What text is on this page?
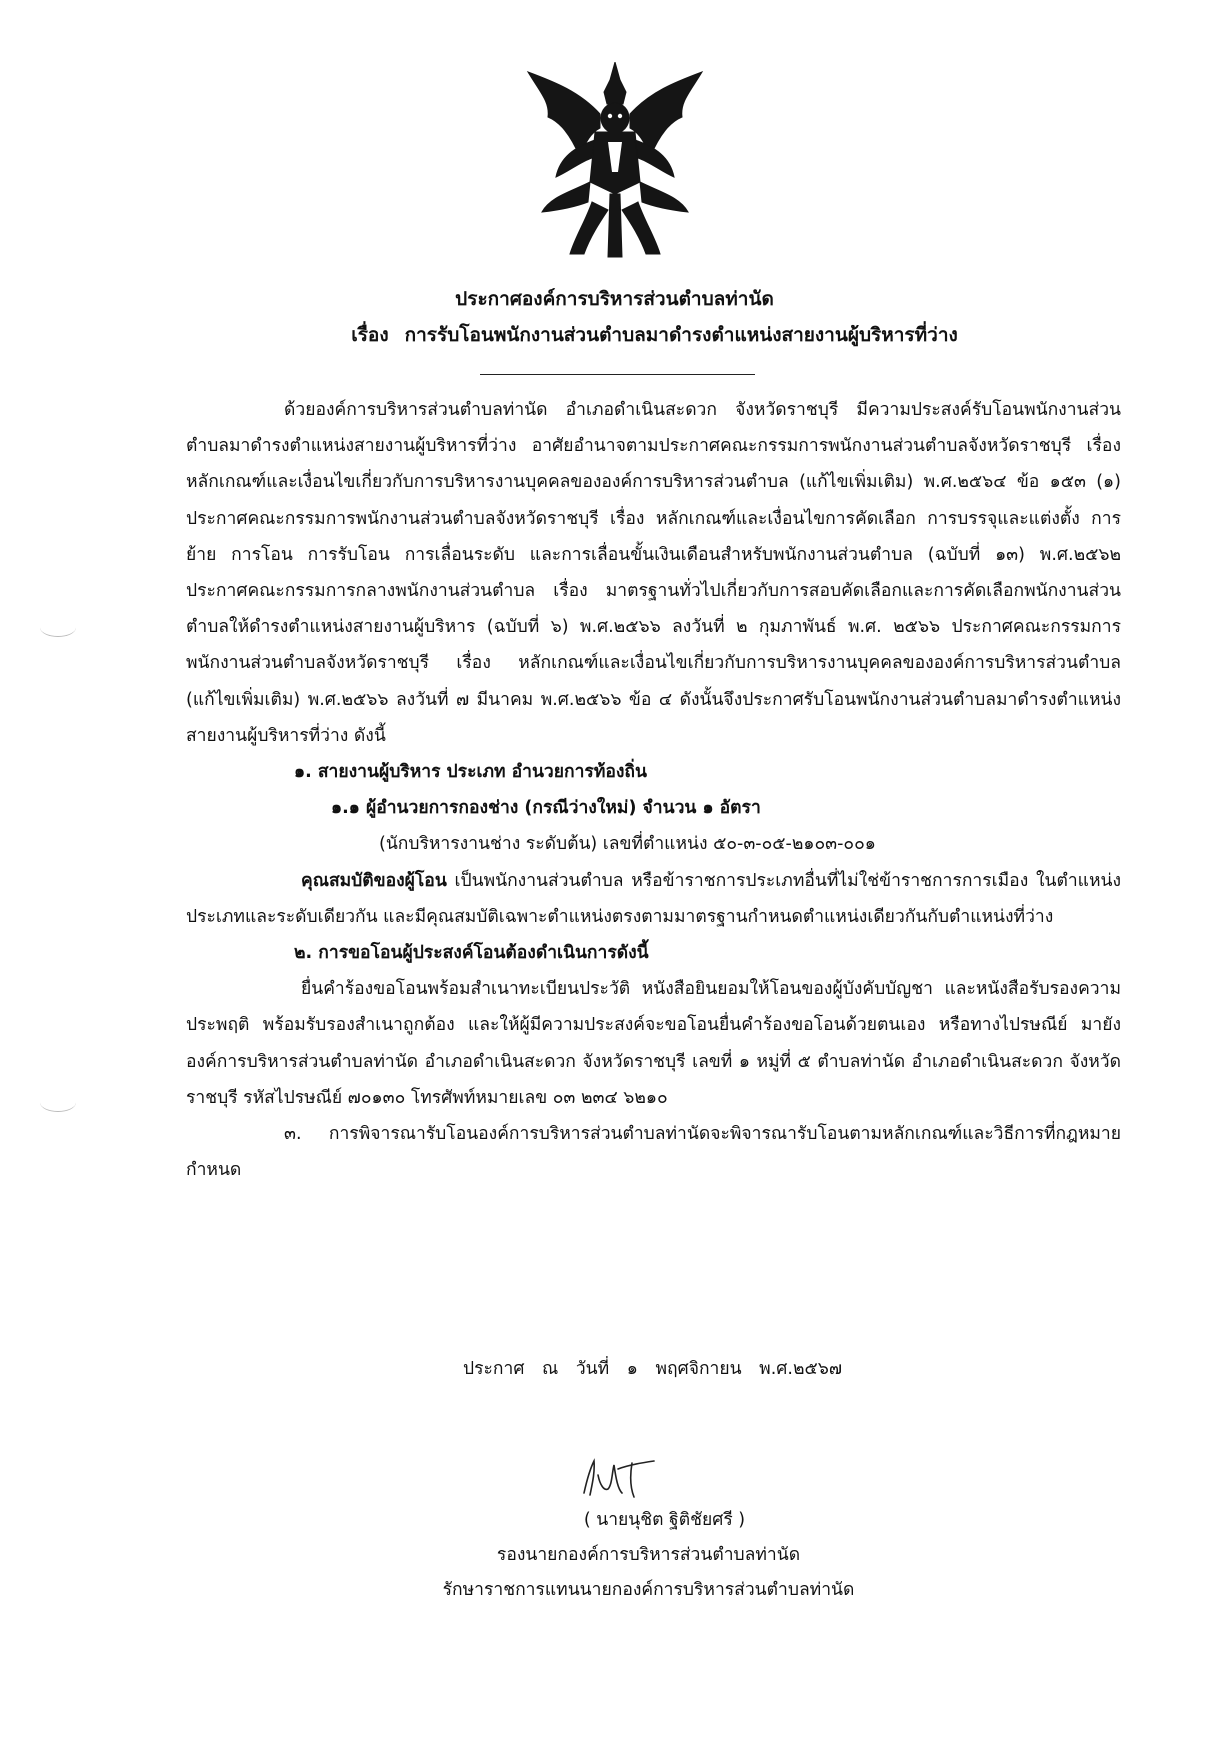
ประกาศองค์การบริหารส่วนตำบลท่านัด
เรื่อง การรับโอนพนักงานส่วนตำบลมาดำรงตำแหน่งสายงานผู้บริหารที่ว่าง

ด้วยองค์การบริหารส่วนตำบลท่านัด อำเภอดำเนินสะดวก จังหวัดราชบุรี มีความประสงค์รับโอนพนักงานส่วนตำบลมาดำรงตำแหน่งสายงานผู้บริหารที่ว่าง อาศัยอำนาจตามประกาศคณะกรรมการพนักงานส่วนตำบลจังหวัดราชบุรี เรื่อง หลักเกณฑ์และเงื่อนไขเกี่ยวกับการบริหารงานบุคคลขององค์การบริหารส่วนตำบล (แก้ไขเพิ่มเติม) พ.ศ.๒๕๖๔ ข้อ ๑๕๓ (๑) ประกาศคณะกรรมการพนักงานส่วนตำบลจังหวัดราชบุรี เรื่อง หลักเกณฑ์และเงื่อนไขการคัดเลือก การบรรจุและแต่งตั้ง การย้าย การโอน การรับโอน การเลื่อนระดับ และการเลื่อนขั้นเงินเดือนสำหรับพนักงานส่วนตำบล (ฉบับที่ ๑๓) พ.ศ.๒๕๖๒ ประกาศคณะกรรมการกลางพนักงานส่วนตำบล เรื่อง มาตรฐานทั่วไปเกี่ยวกับการสอบคัดเลือกและการคัดเลือกพนักงานส่วนตำบลให้ดำรงตำแหน่งสายงานผู้บริหาร (ฉบับที่ ๖) พ.ศ.๒๕๖๖ ลงวันที่ ๒ กุมภาพันธ์ พ.ศ. ๒๕๖๖ ประกาศคณะกรรมการพนักงานส่วนตำบลจังหวัดราชบุรี เรื่อง หลักเกณฑ์และเงื่อนไขเกี่ยวกับการบริหารงานบุคคลขององค์การบริหารส่วนตำบล (แก้ไขเพิ่มเติม) พ.ศ.๒๕๖๖ ลงวันที่ ๗ มีนาคม พ.ศ.๒๕๖๖ ข้อ ๔ ดังนั้นจึงประกาศรับโอนพนักงานส่วนตำบลมาดำรงตำแหน่งสายงานผู้บริหารที่ว่าง ดังนี้

๑. สายงานผู้บริหาร ประเภท อำนวยการท้องถิ่น

๑.๑ ผู้อำนวยการกองช่าง (กรณีว่างใหม่) จำนวน ๑ อัตรา

(นักบริหารงานช่าง ระดับต้น) เลขที่ตำแหน่ง ๕๐-๓-๐๕-๒๑๐๓-๐๐๑

คุณสมบัติของผู้โอน เป็นพนักงานส่วนตำบล หรือข้าราชการประเภทอื่นที่ไม่ใช่ข้าราชการการเมือง ในตำแหน่งประเภทและระดับเดียวกัน และมีคุณสมบัติเฉพาะตำแหน่งตรงตามมาตรฐานกำหนดตำแหน่งเดียวกันกับตำแหน่งที่ว่าง

๒. การขอโอนผู้ประสงค์โอนต้องดำเนินการดังนี้

ยื่นคำร้องขอโอนพร้อมสำเนาทะเบียนประวัติ หนังสือยินยอมให้โอนของผู้บังคับบัญชา และหนังสือรับรองความประพฤติ พร้อมรับรองสำเนาถูกต้อง และให้ผู้มีความประสงค์จะขอโอนยื่นคำร้องขอโอนด้วยตนเอง หรือทางไปรษณีย์ มายังองค์การบริหารส่วนตำบลท่านัด อำเภอดำเนินสะดวก จังหวัดราชบุรี เลขที่ ๑ หมู่ที่ ๕ ตำบลท่านัด อำเภอดำเนินสะดวก จังหวัดราชบุรี รหัสไปรษณีย์ ๗๐๑๓๐ โทรศัพท์หมายเลข ๐๓ ๒๓๔ ๖๒๑๐

๓. การพิจารณารับโอนองค์การบริหารส่วนตำบลท่านัดจะพิจารณารับโอนตามหลักเกณฑ์และวิธีการที่กฎหมายกำหนด

ประกาศ ณ วันที่ ๑ พฤศจิกายน พ.ศ.๒๕๖๗
( นายนุชิต ฐิติชัยศรี )
รองนายกองค์การบริหารส่วนตำบลท่านัด
รักษาราชการแทนนายกองค์การบริหารส่วนตำบลท่านัด
